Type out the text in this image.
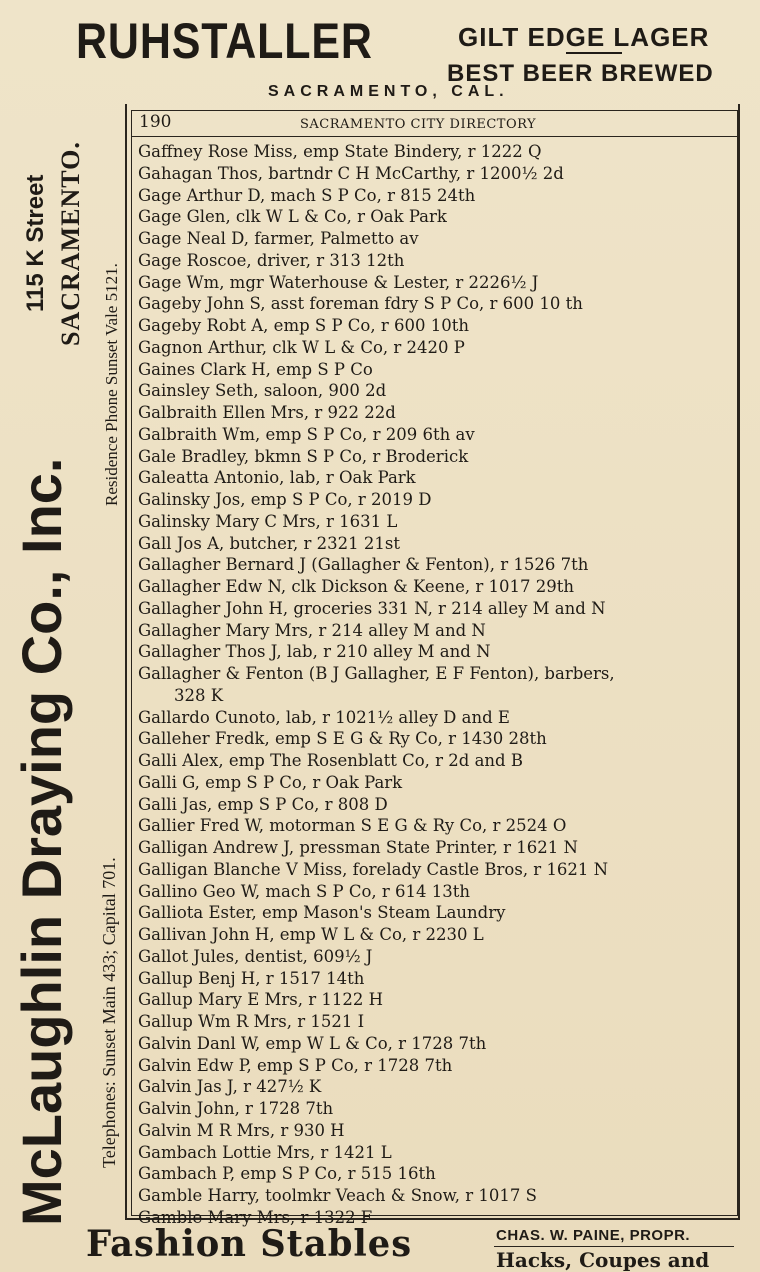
RUHSTALLER	GILT EDGE LAGER
BEST BEER BREWED
SACRAMENTO, CAL.
McLaughlin Draying Co., Inc.
115 K Street SACRAMENTO.
Residence Phone Sunset Vale 5121.
Telephones: Sunset Main 433; Capital 701.
190	SACRAMENTO CITY DIRECTORY
Gaffney Rose Miss, emp State Bindery, r 1222 Q
Gahagan Thos, bartndr C H McCarthy, r 1200½ 2d
Gage Arthur D, mach S P Co, r 815 24th
Gage Glen, clk W L & Co, r Oak Park
Gage Neal D, farmer, Palmetto av
Gage Roscoe, driver, r 313 12th
Gage Wm, mgr Waterhouse & Lester, r 2226½ J
Gageby John S, asst foreman fdry S P Co, r 600 10 th
Gageby Robt A, emp S P Co, r 600 10th
Gagnon Arthur, clk W L & Co, r 2420 P
Gaines Clark H, emp S P Co
Gainsley Seth, saloon, 900 2d
Galbraith Ellen Mrs, r 922 22d
Galbraith Wm, emp S P Co, r 209 6th av
Gale Bradley, bkmn S P Co, r Broderick
Galeatta Antonio, lab, r Oak Park
Galinsky Jos, emp S P Co, r 2019 D
Galinsky Mary C Mrs, r 1631 L
Gall Jos A, butcher, r 2321 21st
Gallagher Bernard J (Gallagher & Fenton), r 1526 7th
Gallagher Edw N, clk Dickson & Keene, r 1017 29th
Gallagher John H, groceries 331 N, r 214 alley M and N
Gallagher Mary Mrs, r 214 alley M and N
Gallagher Thos J, lab, r 210 alley M and N
Gallagher & Fenton (B J Gallagher, E F Fenton), barbers,
328 K
Gallardo Cunoto, lab, r 1021½ alley D and E
Galleher Fredk, emp S E G & Ry Co, r 1430 28th
Galli Alex, emp The Rosenblatt Co, r 2d and B
Galli G, emp S P Co, r Oak Park
Galli Jas, emp S P Co, r 808 D
Gallier Fred W, motorman S E G & Ry Co, r 2524 O
Galligan Andrew J, pressman State Printer, r 1621 N
Galligan Blanche V Miss, forelady Castle Bros, r 1621 N
Gallino Geo W, mach S P Co, r 614 13th
Galliota Ester, emp Mason's Steam Laundry
Gallivan John H, emp W L & Co, r 2230 L
Gallot Jules, dentist, 609½ J
Gallup Benj H, r 1517 14th
Gallup Mary E Mrs, r 1122 H
Gallup Wm R Mrs, r 1521 I
Galvin Danl W, emp W L & Co, r 1728 7th
Galvin Edw P, emp S P Co, r 1728 7th
Galvin Jas J, r 427½ K
Galvin John, r 1728 7th
Galvin M R Mrs, r 930 H
Gambach Lottie Mrs, r 1421 L
Gambach P, emp S P Co, r 515 16th
Gamble Harry, toolmkr Veach & Snow, r 1017 S
Gamble Mary Mrs, r 1322 F
Fashion Stables	CHAS. W. PAINE, PROPR.
Hacks, Coupes and
